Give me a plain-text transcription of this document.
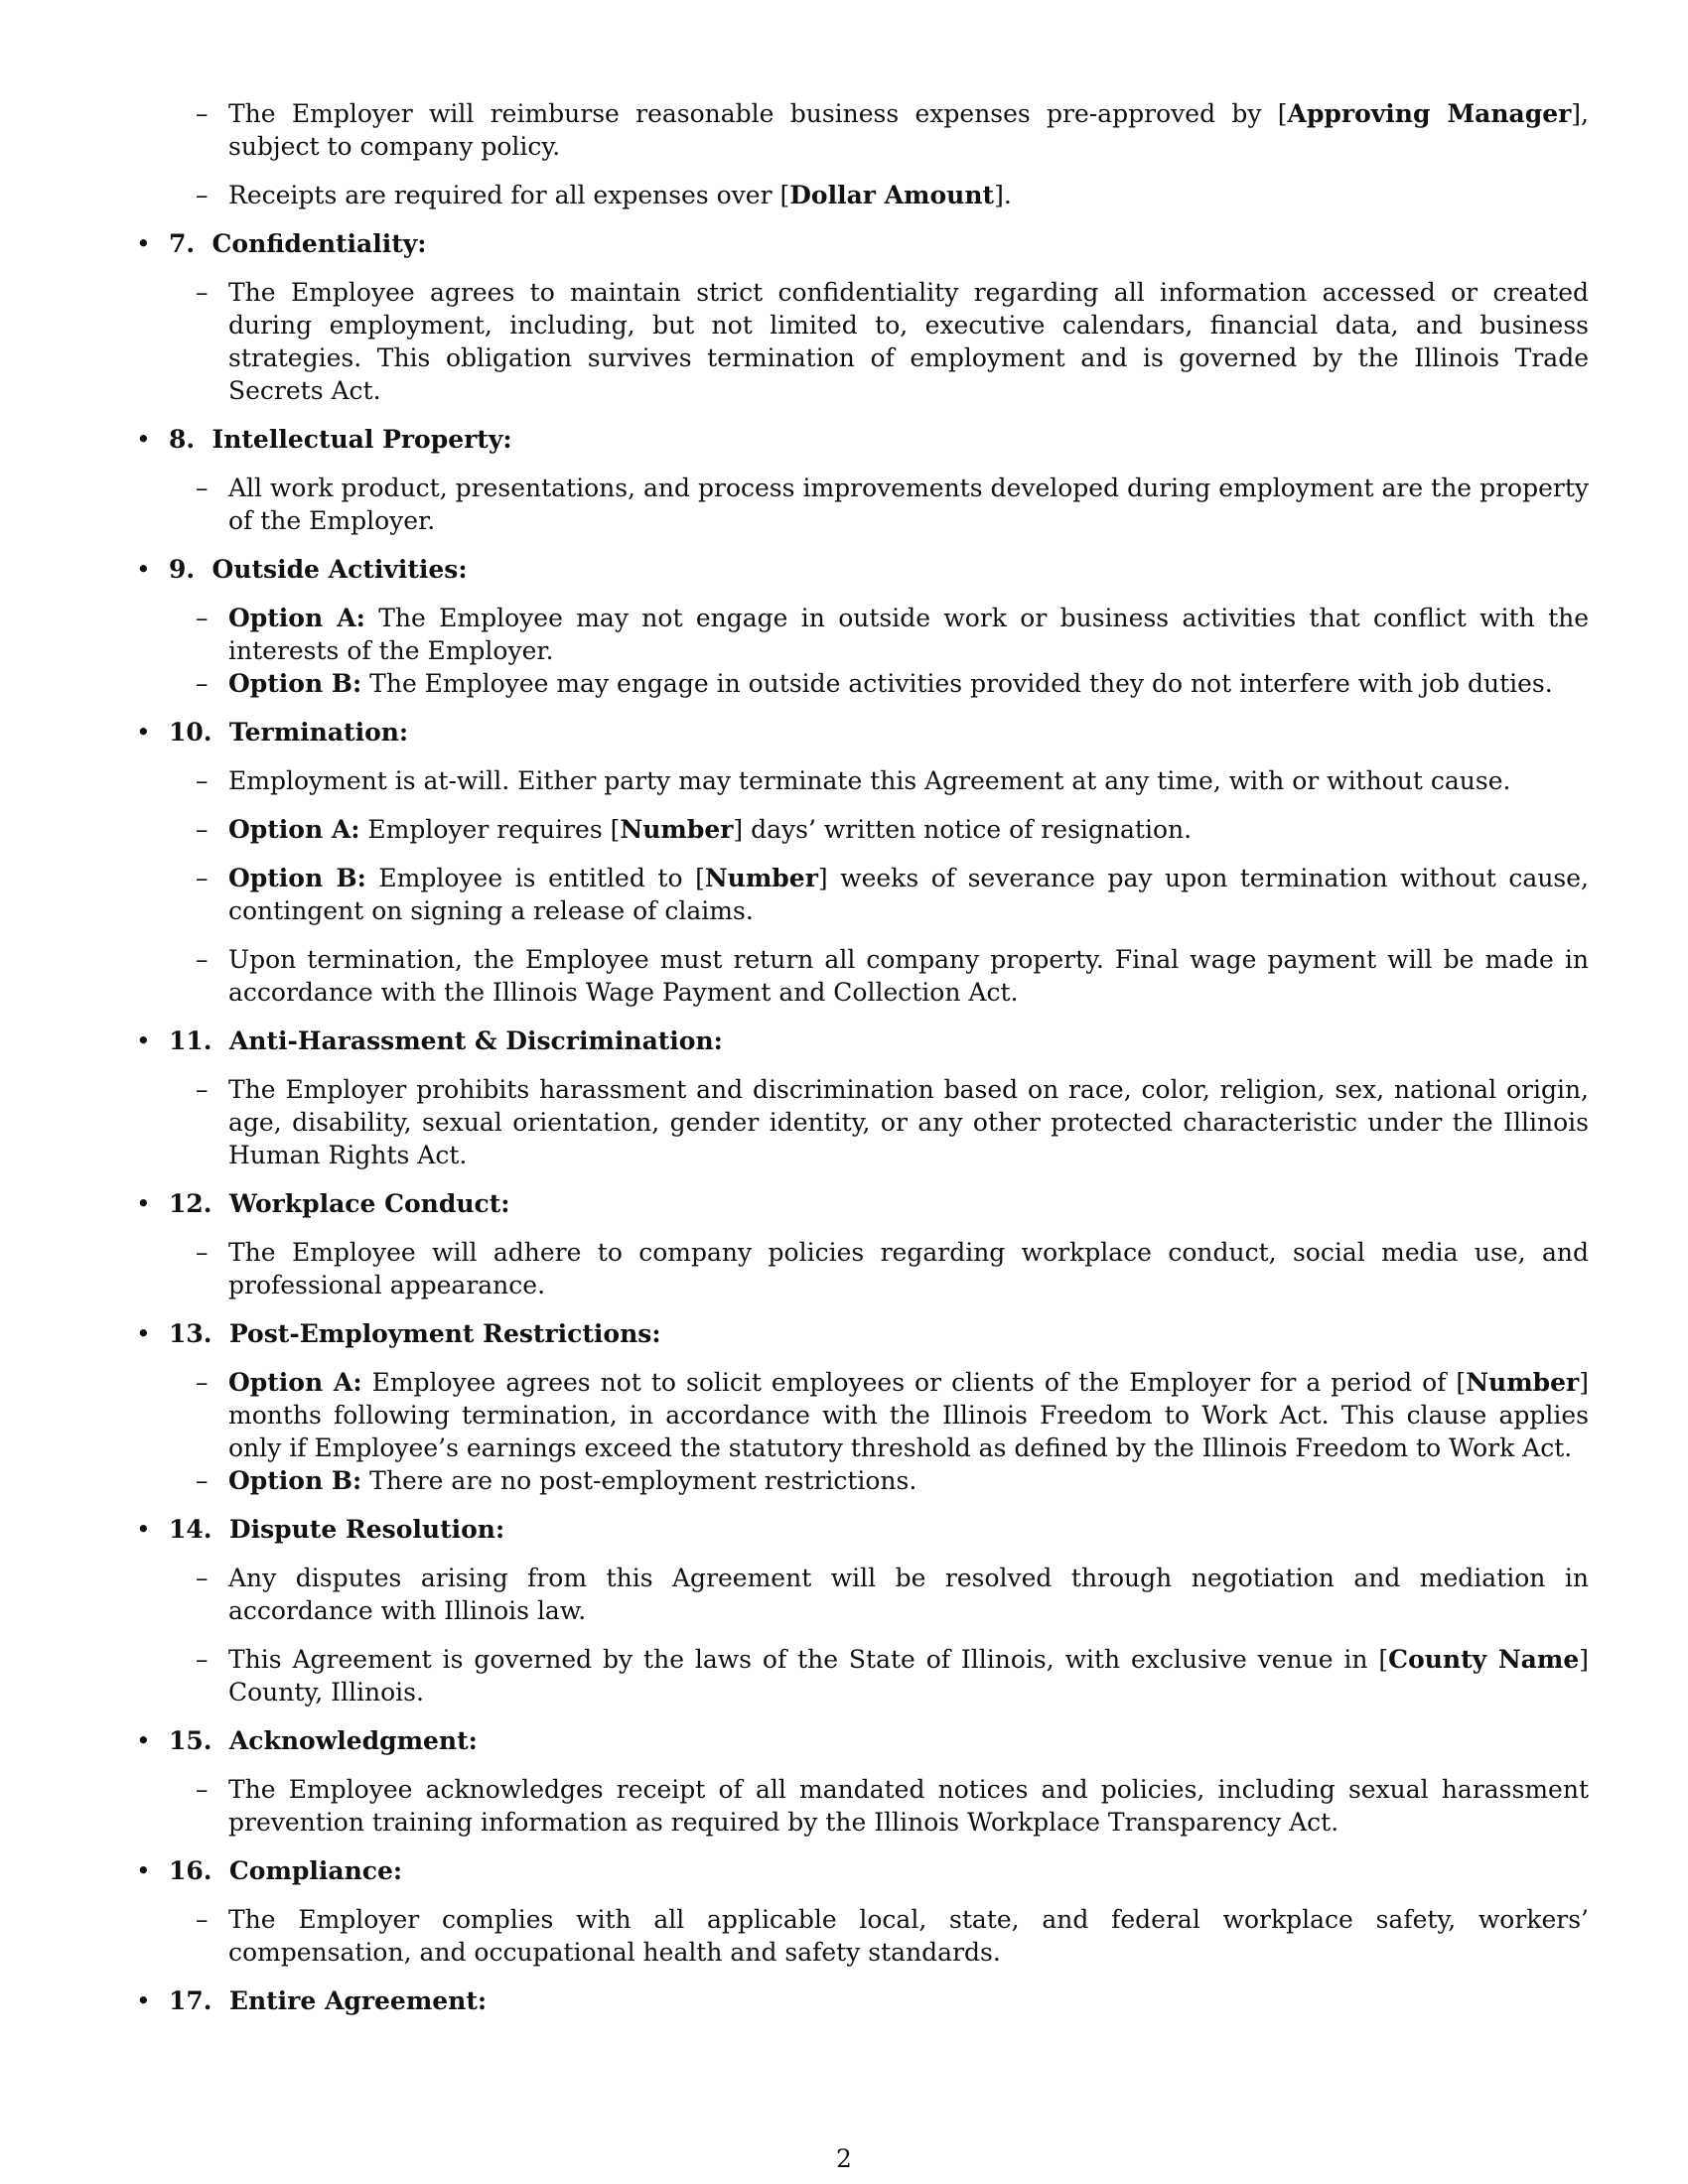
– The Employer will reimburse reasonable business expenses pre-approved by [Approving Manager], subject to company policy.
– Receipts are required for all expenses over [Dollar Amount].
• 7.  Confidentiality:
– The Employee agrees to maintain strict confidentiality regarding all information accessed or created during employment, including, but not limited to, executive calendars, financial data, and business strategies. This obligation survives termination of employment and is governed by the Illinois Trade Secrets Act.
• 8.  Intellectual Property:
– All work product, presentations, and process improvements developed during employment are the property of the Employer.
• 9.  Outside Activities:
– Option A: The Employee may not engage in outside work or business activities that conflict with the interests of the Employer.
– Option B: The Employee may engage in outside activities provided they do not interfere with job duties.
• 10.  Termination:
– Employment is at-will. Either party may terminate this Agreement at any time, with or without cause.
– Option A: Employer requires [Number] days’ written notice of resignation.
– Option B: Employee is entitled to [Number] weeks of severance pay upon termination without cause, contingent on signing a release of claims.
– Upon termination, the Employee must return all company property. Final wage payment will be made in accordance with the Illinois Wage Payment and Collection Act.
• 11.  Anti-Harassment & Discrimination:
– The Employer prohibits harassment and discrimination based on race, color, religion, sex, national origin, age, disability, sexual orientation, gender identity, or any other protected characteristic under the Illinois Human Rights Act.
• 12.  Workplace Conduct:
– The Employee will adhere to company policies regarding workplace conduct, social media use, and professional appearance.
• 13.  Post-Employment Restrictions:
– Option A: Employee agrees not to solicit employees or clients of the Employer for a period of [Number] months following termination, in accordance with the Illinois Freedom to Work Act. This clause applies only if Employee’s earnings exceed the statutory threshold as defined by the Illinois Freedom to Work Act.
– Option B: There are no post-employment restrictions.
• 14.  Dispute Resolution:
– Any disputes arising from this Agreement will be resolved through negotiation and mediation in accordance with Illinois law.
– This Agreement is governed by the laws of the State of Illinois, with exclusive venue in [County Name] County, Illinois.
• 15.  Acknowledgment:
– The Employee acknowledges receipt of all mandated notices and policies, including sexual harassment prevention training information as required by the Illinois Workplace Transparency Act.
• 16.  Compliance:
– The Employer complies with all applicable local, state, and federal workplace safety, workers’ compensation, and occupational health and safety standards.
• 17.  Entire Agreement:
2
